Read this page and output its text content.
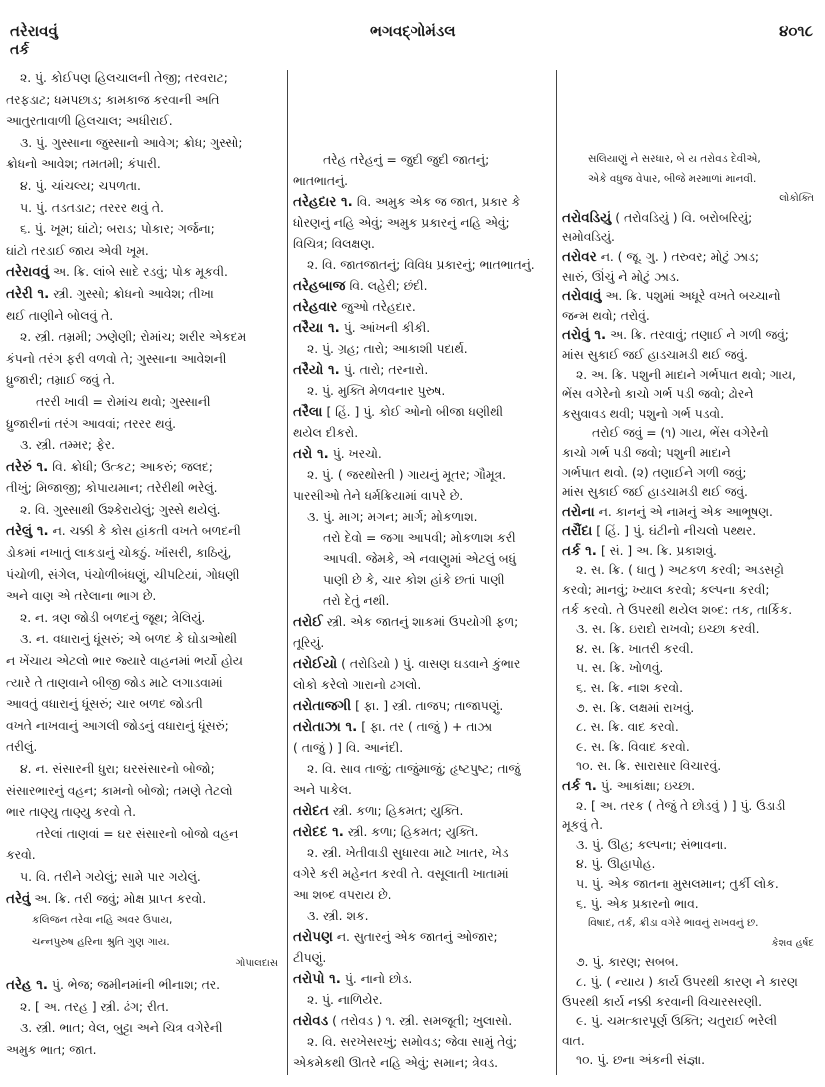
તરેરાવવું
તર્ક
ભગવદ્ગોમંડલ	૪૦૧૮
૨. પું. કોઈપણ હિલચાલની તેજી; તરવરાટ;
તરફડાટ; ધમપછાડ; કામકાજ કરવાની અતિ
આતુરતાવાળી હિલચાલ; અધીરાઈ.
૩. પું. ગુસ્સાના જુસ્સાનો આવેગ; ક્રોધ; ગુસ્સો;
ક્રોધનો આવેશ; તમતમી; કંપારી.
૪. પું. ચાંચલ્ય; ચપળતા.
૫. પું. તડતડાટ; તરરર થવું તે.
૬. પું. ખૂમ; ઘાંટો; બરાડ; પોકાર; ગર્જના;
ઘાંટો તરડાઈ જાય એવી ખૂમ.
તરેરાવવું અ. ક્રિ. લાંબે સાદે રડવું; પોક મૂકવી.
તરેરી ૧. સ્ત્રી. ગુસ્સો; ક્રોધનો આવેશ; તીખા
થઈ તાણીને બોલવું તે.
૨. સ્ત્રી. તમ્રમી; ઝણેણી; રોમાંચ; શરીર એકદમ
કંપનો તરંગ ફરી વળવો તે; ગુસ્સાના આવેશની
ધ્રુજારી; તમ્રાઈ જવું તે.
તરરી ખાવી = રોમાંચ થવો; ગુસ્સાની
ધ્રુજારીનાં તરંગ આવવાં; તરરર થવું.
૩. સ્ત્રી. તમ્મર; ફેર.
તરેરું ૧. વિ. ક્રોધી; ઉત્કટ; આકરું; જલદ;
તીખું; મિજાજી; કોપાયમાન; તરેરીથી ભરેલું.
૨. વિ. ગુસ્સાથી ઉશ્કેરાયેલું; ગુસ્સે થયેલું.
તરેલું ૧. ન. ચક્કી કે કોસ હાંકતી વખતે બળદની
ડોકમાં નખાતું લાકડાનું ચોકઠું. ખૉંસરી, કાઠિયું,
પંચોળી, સંગેલ, પંચોળીબંધણું, ચીપટિયાં, ગોધણી
અને વાણ એ તરેલાના ભાગ છે.
૨. ન. ત્રણ જોડી બળદનું જૂથ; ત્રેલિયું.
૩. ન. વધારાનું ધૂંસરું; એ બળદ કે ઘોડાઓથી
ન ખેંચાય એટલો ભાર જ્યારે વાહનમાં ભર્યો હોય
ત્યારે તે તાણવાને બીજી જોડ માટે લગાડવામાં
આવતું વધારાનું ધૂંસરું; ચાર બળદ જોડતી
વખતે નાખવાનું આગલી જોડનું વધારાનું ધૂંસરું;
તરીલું.
૪. ન. સંસારની ધુરા; ઘરસંસારનો બોજો;
સંસારભારનું વહન; કામનો બોજો; તમણે તેટલો
ભાર તાણ્યુ તાણ્યુ કરવો તે.
તરેલાં તાણવાં = ઘર સંસારનો બોજો વહન
કરવો.
૫. વિ. તરીને ગયેલું; સામે પાર ગયેલું.
તરેવું અ. ક્રિ. તરી જવું; મોક્ષ પ્રાપ્ત કરવો.
કલિજન તરેવા નહિ અવર ઉપાય,
ચન્નપુરુષ હરિના શ્રુતિ ગુણ ગાય.
ગોપાલદાસ
તરેહ ૧. પું. ભેજ; જમીનમાંની ભીનાશ; તર.
૨. [ અ. તરહ ] સ્ત્રી. ઢંગ; રીત.
૩. સ્ત્રી. ભાત; વેલ, બુટ્ટા અને ચિત્ર વગેરેની
અમુક ભાત; જાત.
તરેહ તરેહનું = જુદી જુદી જાતનું;
ભાતભાતનું.
તરેહદાર ૧. વિ. અમુક એક જ જાત, પ્રકાર કે
ધોરણનું નહિ એવું; અમુક પ્રકારનું નહિ એવું;
વિચિત્ર; વિલક્ષણ.
૨. વિ. જાતજાતનું; વિવિધ પ્રકારનું; ભાતભાતનું.
તરેહબાજ વિ. લહેરી; છંદી.
તરેહવાર જુઓ તરેહદાર.
તરૈયા ૧. પું. આંખની કીકી.
૨. પું. ગ્રહ; તારો; આકાશી પદાર્થ.
તરૈયો ૧. પું. તારો; તરનારો.
૨. પું. મુક્તિ મેળવનાર પુરુષ.
તરૈલા [ હિં. ] પું. કોઈ ઓનો બીજા ધણીથી
થયેલ દીકરો.
તરો ૧. પું. ખરચો.
૨. પું. ( જરથોસ્તી ) ગાયનું મૂતર; ગૌમૂત્ર.
પારસીઓ તેને ધર્મક્રિયામાં વાપરે છે.
૩. પું. માગ; મગન; માર્ગ; મોકળાશ.
તરો દેવો = જગા આપવી; મોકળાશ કરી
આપવી. જેમકે, એ નવાણુમાં એટલું બધું
પાણી છે કે, ચાર કોશ હાંકે છતાં પાણી
તરો દેતું નથી.
તરોઈ સ્ત્રી. એક જાતનું શાકમાં ઉપયોગી ફળ;
તૂરિયું.
તરોઈયો ( તરોડિયો ) પું. વાસણ ઘડવાને કુંભાર
લોકો કરેલો ગારાનો ઢગલો.
તરોતાજગી [ ફા. ] સ્ત્રી. તાજપ; તાજાપણું.
તરોતાઝા ૧. [ ફા. તર ( તાજું ) + તાઝા
( તાજું ) ] વિ. આનંદી.
૨. વિ. સાવ તાજું; તાજુંમાજું; હૃષ્ટપુષ્ટ; તાજું
અને પાકેલ.
તરોદત સ્ત્રી. કળા; હિકમત; યુક્તિ.
તરોદદ ૧. સ્ત્રી. કળા; હિકમત; યુક્તિ.
૨. સ્ત્રી. ખેતીવાડી સુધારવા માટે ખાતર, ખેડ
વગેરે કરી મહેનત કરવી તે. વસૂલાતી ખાતામાં
આ શબ્દ વપરાય છે.
૩. સ્ત્રી. શક.
તરોપણ ન. સુતારનું એક જાતનું ઓજાર;
ટીપણું.
તરોપો ૧. પું. નાનો છોડ.
૨. પું. નાળિયેર.
તરોવડ ( તરોવડ ) ૧. સ્ત્રી. સમજૂતી; ખુલાસો.
૨. વિ. સરખેસરખું; સમોવડ; જેવા સામું તેવું;
એકમેકથી ઊતરે નહિ એવું; સમાન; ત્રેવડ.
સલિયાણું ને સરધાર, બે ય તરોવડ દેવીએ,
એકે વધુજ વેપાર, બીજે મરમાળાં માનવી.
લોકોક્તિ
તરોવડિયું ( તરોવડિયું ) વિ. બરોબરિયું;
સમોવડિયું.
તરોવર ન. ( જૂ. ગુ. ) તરુવર; મોટું ઝાડ;
સારું, ઊંચું ને મોટું ઝાડ.
તરોવાવું અ. ક્રિ. પશુમાં અધૂરે વખતે બચ્ચાનો
જન્મ થવો; તરોવું.
તરોવું ૧. અ. ક્રિ. તરવાવું; તણાઈ ને ગળી જવું;
માંસ સુકાઈ જઈ હાડચામડી થઈ જવું.
૨. અ. ક્રિ. પશુની માદાને ગર્ભપાત થવો; ગાય,
ભેંસ વગેરેનો કાચો ગર્ભ પડી જવો; ઢોરને
કસુવાવડ થવી; પશુનો ગર્ભ પડવો.
તરોઈ જવું = (૧) ગાય, ભેંસ વગેરેનો
કાચો ગર્ભ પડી જવો; પશુની માદાને
ગર્ભપાત થવો. (૨) તણાઈને ગળી જવું;
માંસ સુકાઈ જઈ હાડચામડી થઈ જવું.
તરોના ન. કાનનું એ નામનું એક આભૂષણ.
તરૌંદા [ હિં. ] પું. ઘંટીનો નીચલો પથ્થર.
તર્ક ૧. [ સં. ] અ. ક્રિ. પ્રકાશવું.
૨. સ. ક્રિ. ( ધાતુ ) અટકળ કરવી; અડસટ્ટો
કરવો; માનવું; ખ્યાલ કરવો; કલ્પના કરવી;
તર્ક કરવો. તે ઉપરથી થયેલ શબ્દ: તક, તાર્કિક.
૩. સ. ક્રિ. ઇરાદો રાખવો; ઇચ્છા કરવી.
૪. સ. ક્રિ. ખાતરી કરવી.
૫. સ. ક્રિ. ખોળવું.
૬. સ. ક્રિ. નાશ કરવો.
૭. સ. ક્રિ. લક્ષમાં રાખવું.
૮. સ. ક્રિ. વાદ કરવો.
૯. સ. ક્રિ. વિવાદ કરવો.
૧૦. સ. ક્રિ. સારાસાર વિચારવું.
તર્ક ૧. પું. આકાંક્ષા; ઇચ્છા.
૨. [ અ. તરક ( તેજું તે છોડવું ) ] પું. ઉડાડી
મૂકવું તે.
૩. પું. ઊહ; કલ્પના; સંભાવના.
૪. પું. ઊહાપોહ.
૫. પું. એક જાતના મુસલમાન; તુર્કી લોક.
૬. પું. એક પ્રકારનો ભાવ.
વિષાદ, તર્ક, ક્રીડા વગેરે ભાવનું રાખવનું છ.
કેશવ હર્ષદ
૭. પું. કારણ; સબબ.
૮. પું. ( ન્યાય ) કાર્ય ઉપરથી કારણ ને કારણ
ઉપરથી કાર્ય નક્કી કરવાની વિચારસરણી.
૯. પું. ચમત્કારપૂર્ણ ઉક્તિ; ચતુરાઈ ભરેલી
વાત.
૧૦. પું. છના અંકની સંજ્ઞા.
